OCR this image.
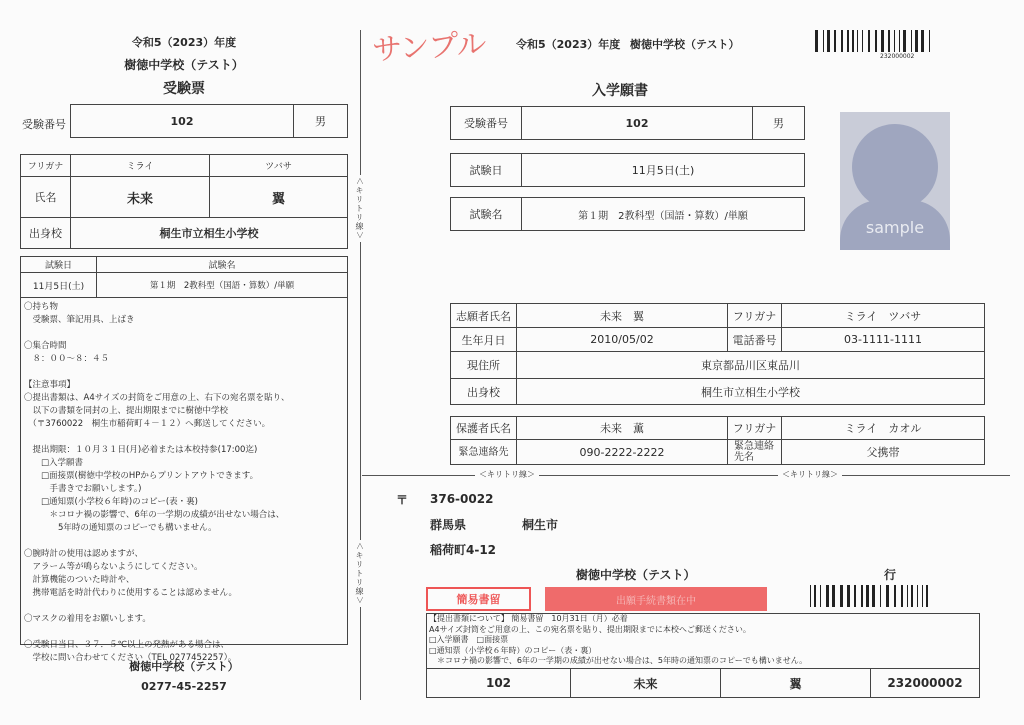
サンプル
令和5（2023）年度
樹徳中学校（テスト）
受験票
受験番号	102	男
フリガナ	ミライ	ツバサ
氏名	未来	翼
出身校	桐生市立相生小学校
試験日	試験名
11月5日(土)	第１期　2教科型（国語・算数）/単願
〇持ち物
　受験票、筆記用具、上ばき

〇集合時間
　８：００～８：４５

【注意事項】
〇提出書類は、A4サイズの封筒をご用意の上、右下の宛名票を貼り、
　以下の書類を同封の上、提出期限までに樹徳中学校
　（〒3760022　桐生市稲荷町４－１２）へ郵送してください。

　提出期限：１０月３１日(月)必着または本校持参(17:00迄)
　　□入学願書
　　□面接票(樹徳中学校のHPからプリントアウトできます。
　　　手書きでお願いします。)
　　□通知票(小学校６年時)のコピー(表・裏)
　　　＊コロナ禍の影響で、6年の一学期の成績が出せない場合は、
　　　　5年時の通知票のコピーでも構いません。

〇腕時計の使用は認めますが、
　アラーム等が鳴らないようにしてください。
　計算機能のついた時計や、
　携帯電話を時計代わりに使用することは認めません。

〇マスクの着用をお願いします。

〇受験日当日、３７．５℃以上の発熱がある場合は、
　学校に問い合わせてください（TEL 0277452257）。
樹徳中学校（テスト）
0277-45-2257
＜キリトリ線＞
＜キリトリ線＞
令和5（2023）年度 樹徳中学校（テスト）
232000002
入学願書
受験番号	102	男
試験日	11月5日(土)
試験名	第１期　2教科型（国語・算数）/単願
sample
志願者氏名	未来　翼	フリガナ	ミライ　ツバサ
生年月日	2010/05/02	電話番号	03-1111-1111
現住所	東京都品川区東品川
出身校	桐生市立相生小学校
保護者氏名	未来　薫	フリガナ	ミライ　カオル
緊急連絡先	090-2222-2222	緊急連絡先名	父携帯
＜キリトリ線＞	＜キリトリ線＞
〒 376-0022
群馬県	桐生市
稲荷町4-12
樹徳中学校（テスト）	行
簡易書留	出願手続書類在中
【提出書類について】 簡易書留　10月31日（月）必着
A4サイズ封筒をご用意の上、この宛名票を貼り、提出期限までに本校へご郵送ください。
□入学願書　□面接票
□通知票（小学校６年時）のコピー（表・裏）
　＊コロナ禍の影響で、6年の一学期の成績が出せない場合は、5年時の通知票のコピーでも構いません。
102	未来	翼	232000002
